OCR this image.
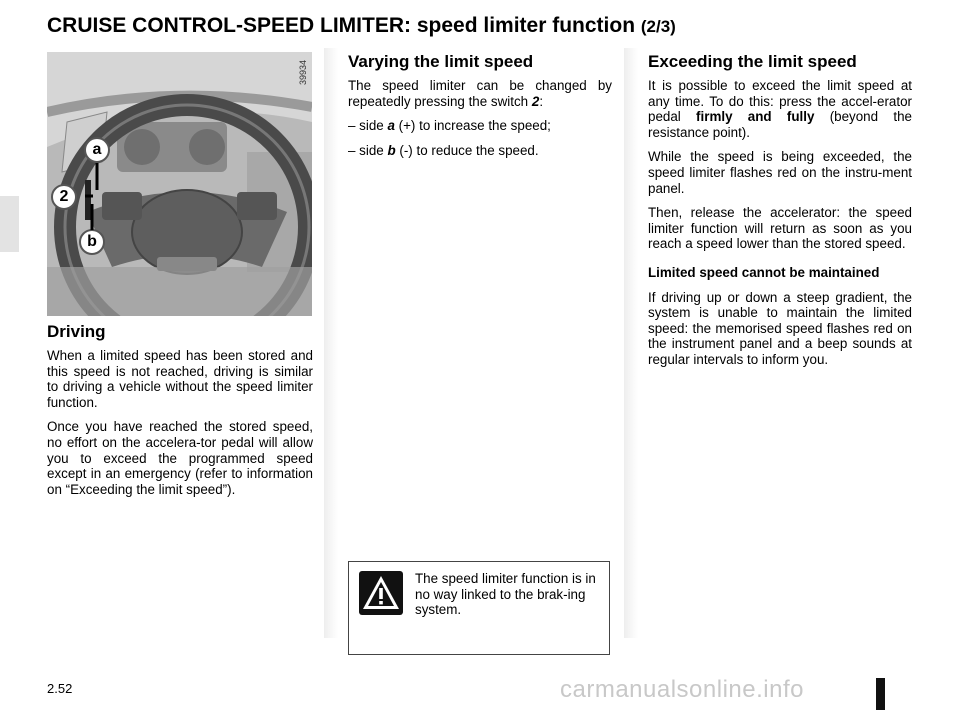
CRUISE CONTROL-SPEED LIMITER: speed limiter function (2/3)
39934
a
2
b
Driving

When a limited speed has been stored and this speed is not reached, driving is similar to driving a vehicle without the speed limiter function.

Once you have reached the stored speed, no effort on the accelera-tor pedal will allow you to exceed the programmed speed except in an emergency (refer to information on “Exceeding the limit speed”).

Varying the limit speed

The speed limiter can be changed by repeatedly pressing the switch 2:

– side a (+) to increase the speed;

– side b (-) to reduce the speed.

The speed limiter function is in no way linked to the brak-ing system.
Exceeding the limit speed

It is possible to exceed the limit speed at any time. To do this: press the accel-erator pedal firmly and fully (beyond the resistance point).

While the speed is being exceeded, the speed limiter flashes red on the instru-ment panel.

Then, release the accelerator: the speed limiter function will return as soon as you reach a speed lower than the stored speed.

Limited speed cannot be maintained

If driving up or down a steep gradient, the system is unable to maintain the limited speed: the memorised speed flashes red on the instrument panel and a beep sounds at regular intervals to inform you.

2.52	carmanualsonline.info
